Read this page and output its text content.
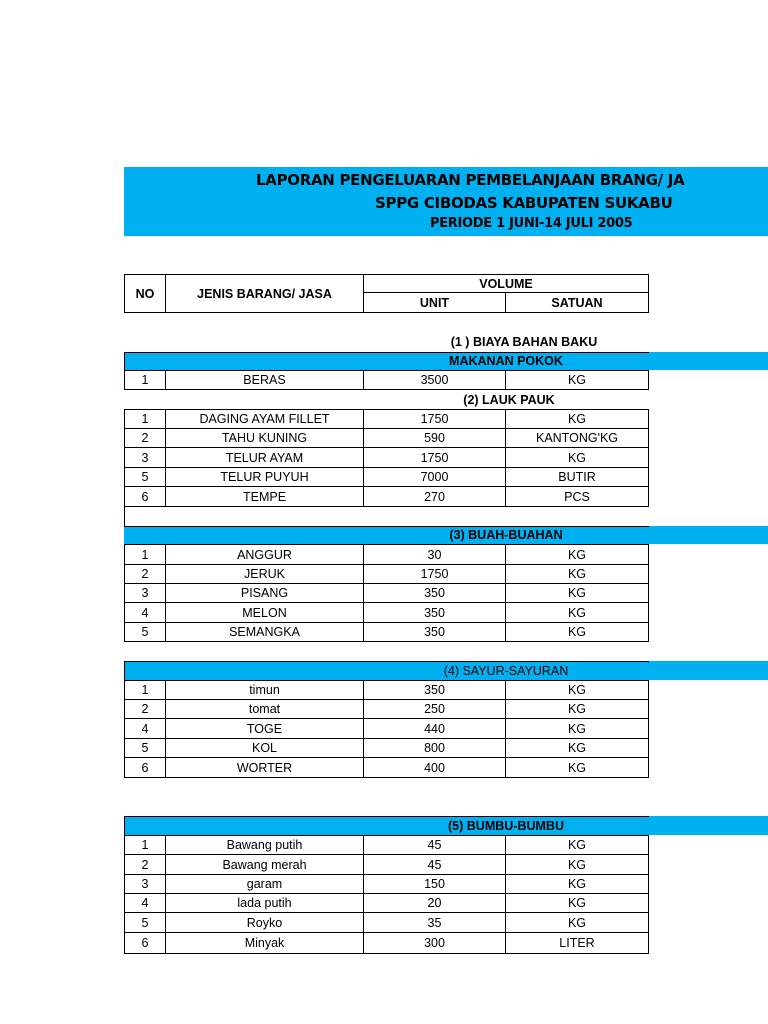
LAPORAN PENGELUARAN PEMBELANJAAN BRANG/ JA
SPPG CIBODAS KABUPATEN SUKABU
PERIODE 1 JUNI-14 JULI 2005
NO	JENIS BARANG/ JASA
VOLUME
UNIT	SATUAN
(1 ) BIAYA BAHAN BAKU
MAKANAN POKOK
1	BERAS	3500	KG
(2) LAUK PAUK
1	DAGING AYAM FILLET	1750	KG
2	TAHU KUNING	590	KANTONG'KG
3	TELUR AYAM	1750	KG
5	TELUR PUYUH	7000	BUTIR
6	TEMPE	270	PCS
(3) BUAH-BUAHAN
1	ANGGUR	30	KG
2	JERUK	1750	KG
3	PISANG	350	KG
4	MELON	350	KG
5	SEMANGKA	350	KG
(4) SAYUR-SAYURAN
1	timun	350	KG
2	tomat	250	KG
4	TOGE	440	KG
5	KOL	800	KG
6	WORTER	400	KG
(5) BUMBU-BUMBU
1	Bawang putih	45	KG
2	Bawang merah	45	KG
3	garam	150	KG
4	lada putih	20	KG
5	Royko	35	KG
6	Minyak	300	LITER
